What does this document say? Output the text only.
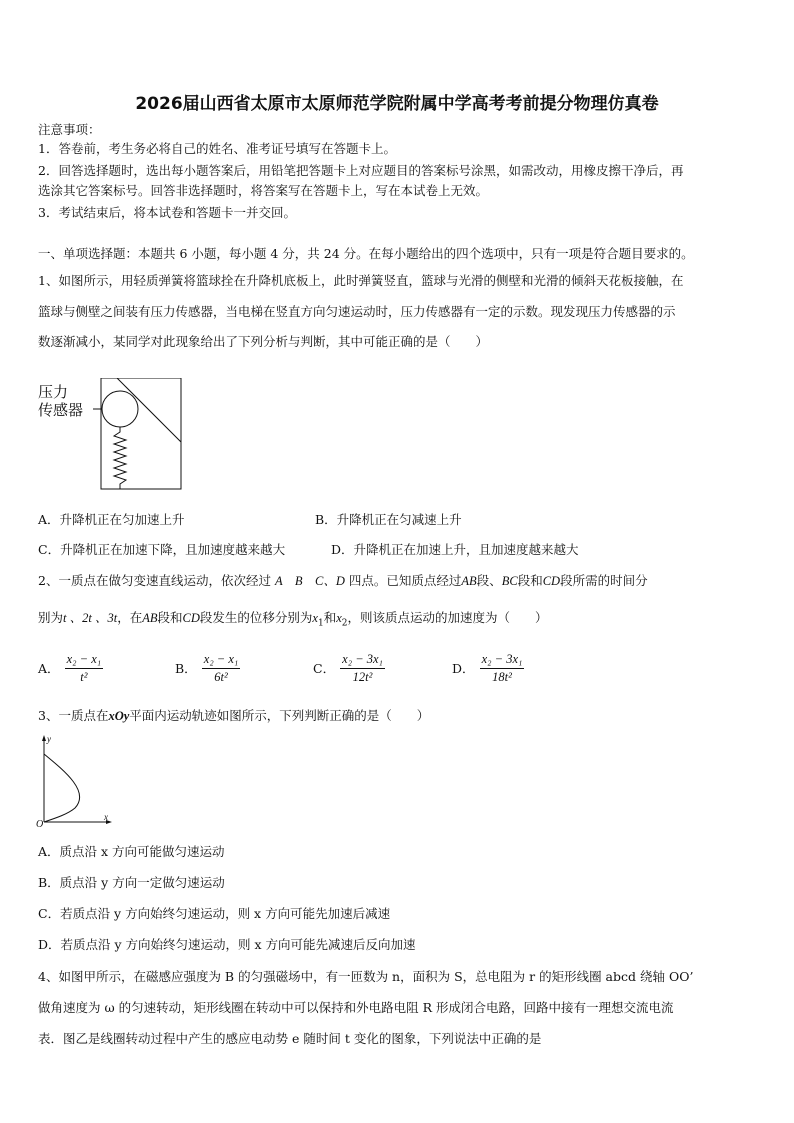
2026届山西省太原市太原师范学院附属中学高考考前提分物理仿真卷
注意事项：
1．答卷前，考生务必将自己的姓名、准考证号填写在答题卡上。
2．回答选择题时，选出每小题答案后，用铅笔把答题卡上对应题目的答案标号涂黑，如需改动，用橡皮擦干净后，再
选涂其它答案标号。回答非选择题时，将答案写在答题卡上，写在本试卷上无效。
3．考试结束后，将本试卷和答题卡一并交回。
一、单项选择题：本题共 6 小题，每小题 4 分，共 24 分。在每小题给出的四个选项中，只有一项是符合题目要求的。
1、如图所示，用轻质弹簧将篮球拴在升降机底板上，此时弹簧竖直，篮球与光滑的侧壁和光滑的倾斜天花板接触，在
篮球与侧壁之间装有压力传感器，当电梯在竖直方向匀速运动时，压力传感器有一定的示数。现发现压力传感器的示
数逐渐减小，某同学对此现象给出了下列分析与判断，其中可能正确的是（　　）
压力
传感器
A．升降机正在匀加速上升	B．升降机正在匀减速上升
C．升降机正在加速下降，且加速度越来越大	D．升降机正在加速上升，且加速度越来越大
2、一质点在做匀变速直线运动，依次经过 A　B　C、D 四点。已知质点经过AB段、BC段和CD段所需的时间分
别为t 、2t 、3t，在AB段和CD段发生的位移分别为$x_1$和$x_2$，则该质点运动的加速度为（　　）
A． $\frac{\text{x₂ − x₁}}{\text{t²}}$	B． $\frac{\text{x₂ − x₁}}{\text{6t²}}$	C． $\frac{\text{x₂ − 3x₁}}{\text{12t²}}$	D． $\frac{\text{x₂ − 3x₁}}{\text{18t²}}$
3、一质点在xOy平面内运动轨迹如图所示，下列判断正确的是（　　）
y
x
O
A．质点沿 x 方向可能做匀速运动
B．质点沿 y 方向一定做匀速运动
C．若质点沿 y 方向始终匀速运动，则 x 方向可能先加速后减速
D．若质点沿 y 方向始终匀速运动，则 x 方向可能先减速后反向加速
4、如图甲所示，在磁感应强度为 B 的匀强磁场中，有一匝数为 n，面积为 S，总电阻为 r 的矩形线圈 abcd 绕轴 OO’
做角速度为 ω 的匀速转动，矩形线圈在转动中可以保持和外电路电阻 R 形成闭合电路，回路中接有一理想交流电流
表．图乙是线圈转动过程中产生的感应电动势 e 随时间 t 变化的图象，下列说法中正确的是
